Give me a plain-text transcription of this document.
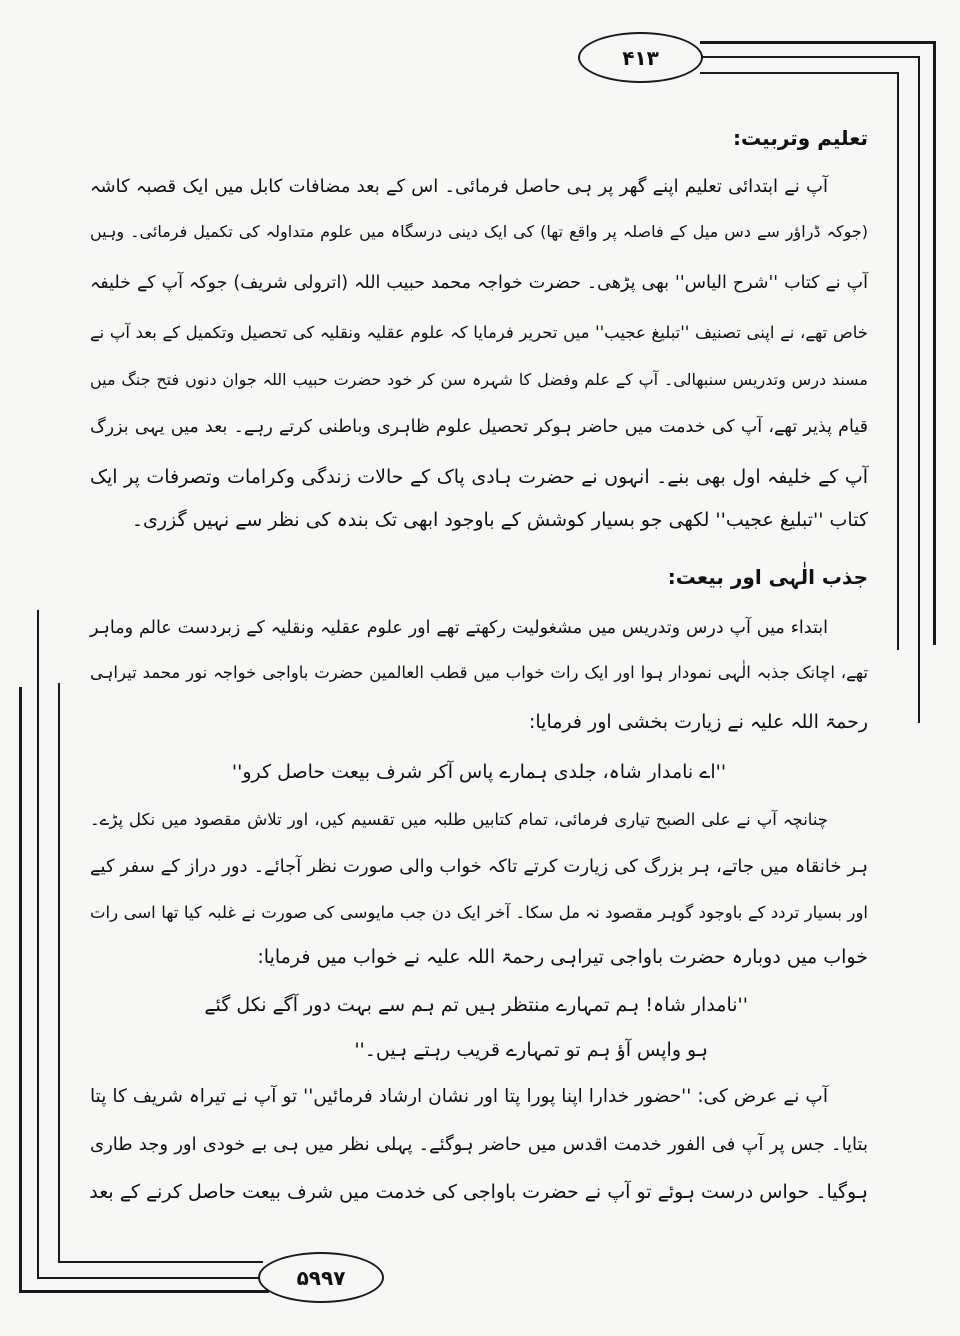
۴۱۳
۵۹۹۷
تعلیم وتربیت:
آپ نے ابتدائی تعلیم اپنے گھر پر ہی حاصل فرمائی۔ اس کے بعد مضافات کابل میں ایک قصبہ کاشہ
(جوکہ ڈراؤر سے دس میل کے فاصلہ پر واقع تھا) کی ایک دینی درسگاہ میں علوم متداولہ کی تکمیل فرمائی۔ وہیں
آپ نے کتاب ''شرح الیاس'' بھی پڑھی۔ حضرت خواجہ محمد حبیب اللہ (اترولی شریف) جوکہ آپ کے خلیفہ
خاص تھے، نے اپنی تصنیف ''تبلیغ عجیب'' میں تحریر فرمایا کہ علوم عقلیہ ونقلیہ کی تحصیل وتکمیل کے بعد آپ نے
مسند درس وتدریس سنبھالی۔ آپ کے علم وفضل کا شہرہ سن کر خود حضرت حبیب اللہ جوان دنوں فتح جنگ میں
قیام پذیر تھے، آپ کی خدمت میں حاضر ہوکر تحصیل علوم ظاہری وباطنی کرتے رہے۔ بعد میں یہی بزرگ
آپ کے خلیفہ اول بھی بنے۔ انہوں نے حضرت ہادی پاک کے حالات زندگی وکرامات وتصرفات پر ایک
کتاب ''تبلیغ عجیب'' لکھی جو بسیار کوشش کے باوجود ابھی تک بندہ کی نظر سے نہیں گزری۔
جذب الٰہی اور بیعت:
ابتداء میں آپ درس وتدریس میں مشغولیت رکھتے تھے اور علوم عقلیہ ونقلیہ کے زبردست عالم وماہر
تھے، اچانک جذبہ الٰہی نمودار ہوا اور ایک رات خواب میں قطب العالمین حضرت باواجی خواجہ نور محمد تیراہی
رحمۃ اللہ علیہ نے زیارت بخشی اور فرمایا:
''اے نامدار شاہ، جلدی ہمارے پاس آکر شرف بیعت حاصل کرو''
چنانچہ آپ نے علی الصبح تیاری فرمائی، تمام کتابیں طلبہ میں تقسیم کیں، اور تلاش مقصود میں نکل پڑے۔
ہر خانقاہ میں جاتے، ہر بزرگ کی زیارت کرتے تاکہ خواب والی صورت نظر آجائے۔ دور دراز کے سفر کیے
اور بسیار تردد کے باوجود گوہر مقصود نہ مل سکا۔ آخر ایک دن جب مایوسی کی صورت نے غلبہ کیا تھا اسی رات
خواب میں دوبارہ حضرت باواجی تیراہی رحمۃ اللہ علیہ نے خواب میں فرمایا:
''نامدار شاہ! ہم تمہارے منتظر ہیں تم ہم سے بہت دور آگے نکل گئے
ہو واپس آؤ ہم تو تمہارے قریب رہتے ہیں۔''
آپ نے عرض کی: ''حضور خدارا اپنا پورا پتا اور نشان ارشاد فرمائیں'' تو آپ نے تیراہ شریف کا پتا
بتایا۔ جس پر آپ فی الفور خدمت اقدس میں حاضر ہوگئے۔ پہلی نظر میں ہی بے خودی اور وجد طاری
ہوگیا۔ حواس درست ہوئے تو آپ نے حضرت باواجی کی خدمت میں شرف بیعت حاصل کرنے کے بعد
